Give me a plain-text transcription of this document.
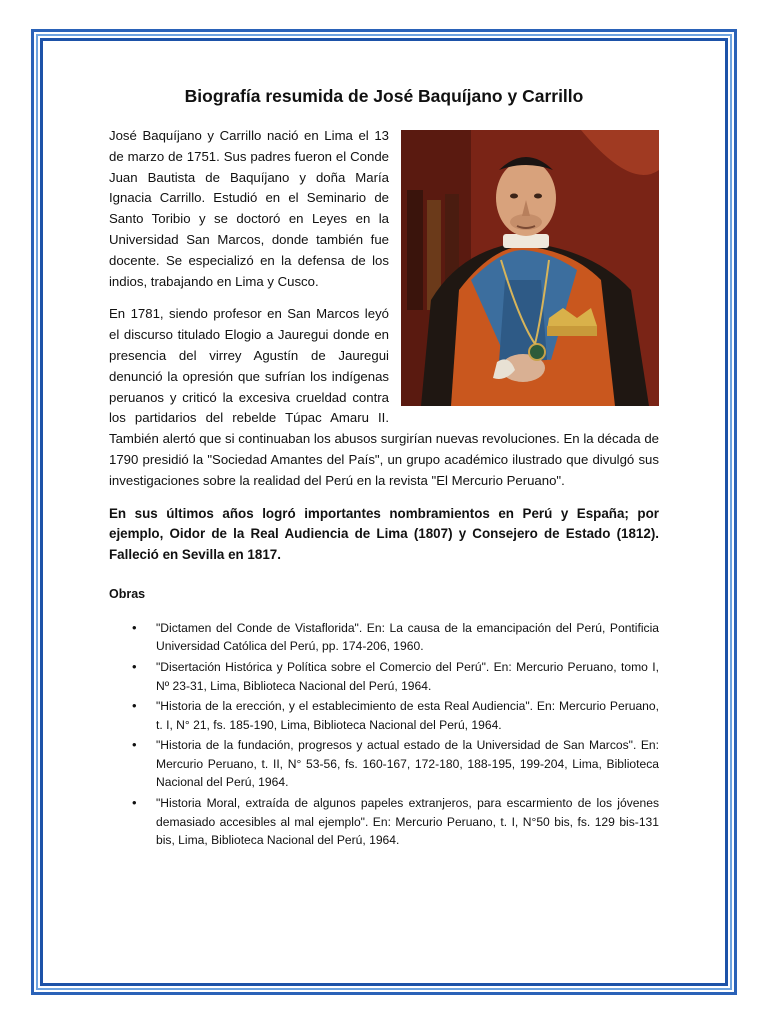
Biografía resumida de José Baquíjano y Carrillo

José Baquíjano y Carrillo nació en Lima el 13 de marzo de 1751. Sus padres fueron el Conde Juan Bautista de Baquíjano y doña María Ignacia Carrillo. Estudió en el Seminario de Santo Toribio y se doctoró en Leyes en la Universidad San Marcos, donde también fue docente. Se especializó en la defensa de los indios, trabajando en Lima y Cusco.

En 1781, siendo profesor en San Marcos leyó el discurso titulado Elogio a Jauregui donde en presencia del virrey Agustín de Jauregui denunció la opresión que sufrían los indígenas peruanos y criticó la excesiva crueldad contra los partidarios del rebelde Túpac Amaru II. También alertó que si continuaban los abusos surgirían nuevas revoluciones. En la década de 1790 presidió la "Sociedad Amantes del País", un grupo académico ilustrado que divulgó sus investigaciones sobre la realidad del Perú en la revista "El Mercurio Peruano".

En sus últimos años logró importantes nombramientos en Perú y España; por ejemplo, Oidor de la Real Audiencia de Lima (1807) y Consejero de Estado (1812). Falleció en Sevilla en 1817.

Obras
• "Dictamen del Conde de Vistaflorida". En: La causa de la emancipación del Perú, Pontificia Universidad Católica del Perú, pp. 174-206, 1960.
• "Disertación Histórica y Política sobre el Comercio del Perú". En: Mercurio Peruano, tomo I, Nº 23-31, Lima, Biblioteca Nacional del Perú, 1964.
• "Historia de la erección, y el establecimiento de esta Real Audiencia". En: Mercurio Peruano, t. I, N° 21, fs. 185-190, Lima, Biblioteca Nacional del Perú, 1964.
• "Historia de la fundación, progresos y actual estado de la Universidad de San Marcos". En: Mercurio Peruano, t. II, N° 53-56, fs. 160-167, 172-180, 188-195, 199-204, Lima, Biblioteca Nacional del Perú, 1964.
• "Historia Moral, extraída de algunos papeles extranjeros, para escarmiento de los jóvenes demasiado accesibles al mal ejemplo". En: Mercurio Peruano, t. I, N°50 bis, fs. 129 bis-131 bis, Lima, Biblioteca Nacional del Perú, 1964.
